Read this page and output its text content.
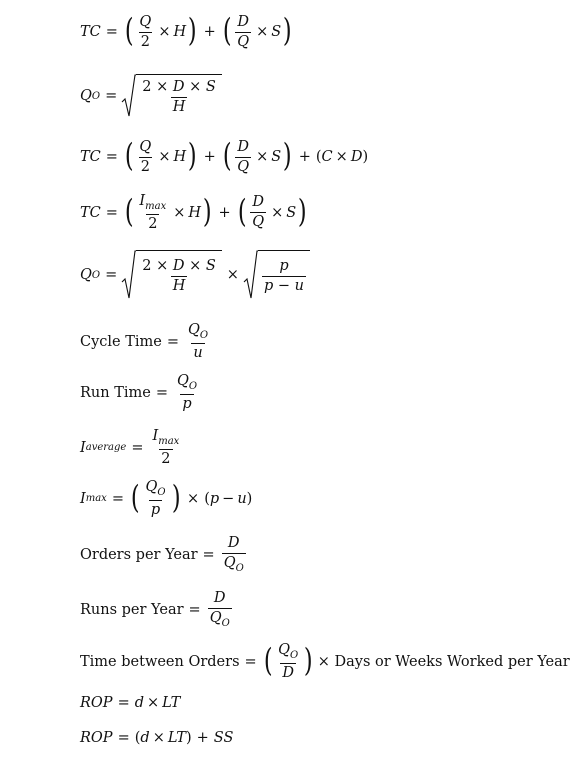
TC = ( $\frac{Q}{2} \times H$ ) + ( $\frac{D}{Q} \times S$ )
Q $O = \frac{2 \times D \times S}{H}$
TC = ( $\frac{Q}{2} \times H$ ) + ( $\frac{D}{Q} \times S$ ) + ( C × D )
TC = ( $\frac{I_{max}}{2} \times H$ ) + ( $\frac{D}{Q} \times S$ )
Q $O = \frac{2 \times D \times S}{H} \times \frac{p}{p - u}$
Cycle Time = $\frac{Q_O}{u}$
Run Time = $\frac{Q_O}{p}$
I average = $\frac{I_{max}}{2}$
I max = ( $\frac{Q_O}{p}$ ) × ( p − u )
Orders per Year = $\frac{D}{Q_O}$
Runs per Year = $\frac{D}{Q_O}$
Time between Orders = ( $\frac{Q_O}{D}$ ) × Days or Weeks Worked per Year
ROP = d × LT
ROP = ( d × LT ) + SS
